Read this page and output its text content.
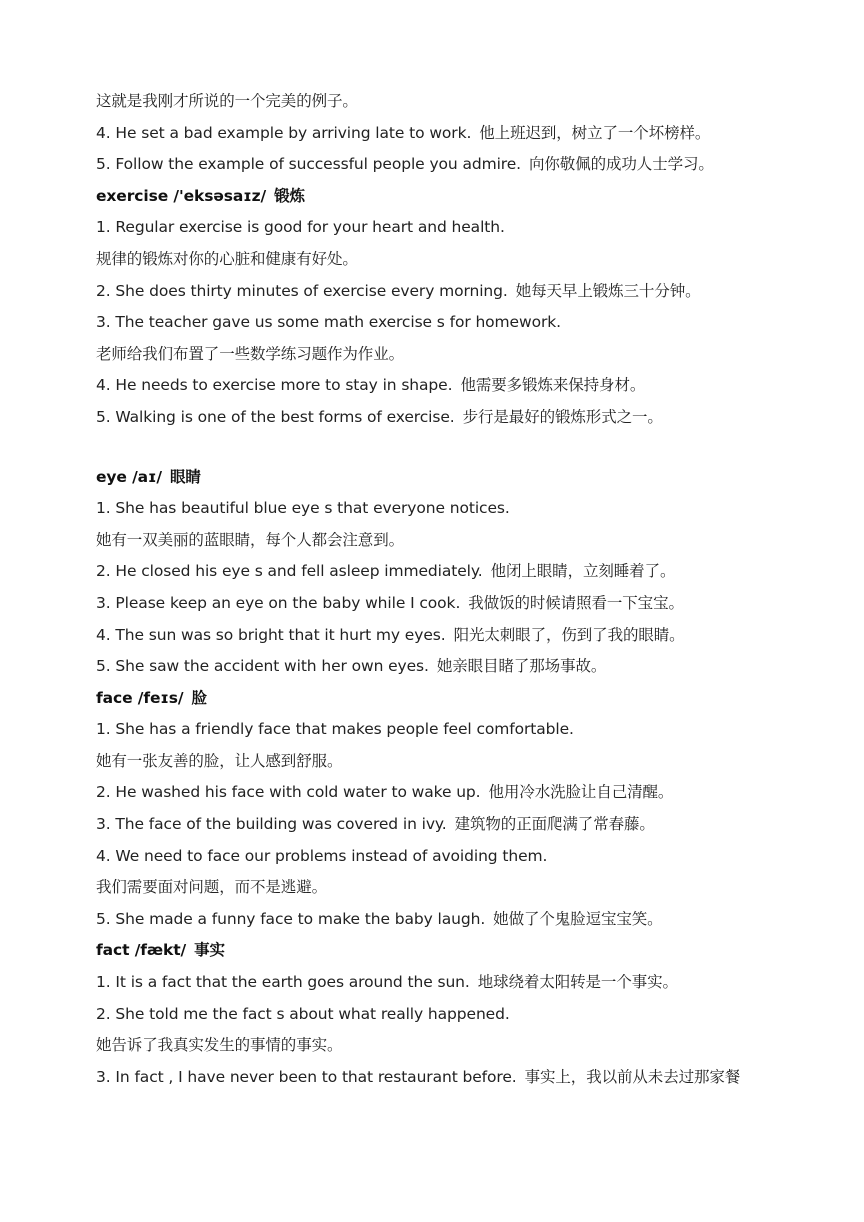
这就是我刚才所说的一个完美的例子。
4. He set a bad example by arriving late to work. 他上班迟到，树立了一个坏榜样。
5. Follow the example of successful people you admire. 向你敬佩的成功人士学习。
exercise /'eksəsaɪz/ 锻炼
1. Regular exercise is good for your heart and health.
规律的锻炼对你的心脏和健康有好处。
2. She does thirty minutes of exercise every morning. 她每天早上锻炼三十分钟。
3. The teacher gave us some math exercise s for homework.
老师给我们布置了一些数学练习题作为作业。
4. He needs to exercise more to stay in shape. 他需要多锻炼来保持身材。
5. Walking is one of the best forms of exercise. 步行是最好的锻炼形式之一。
eye /aɪ/ 眼睛
1. She has beautiful blue eye s that everyone notices.
她有一双美丽的蓝眼睛，每个人都会注意到。
2. He closed his eye s and fell asleep immediately. 他闭上眼睛，立刻睡着了。
3. Please keep an eye on the baby while I cook. 我做饭的时候请照看一下宝宝。
4. The sun was so bright that it hurt my eyes. 阳光太刺眼了，伤到了我的眼睛。
5. She saw the accident with her own eyes. 她亲眼目睹了那场事故。
face /feɪs/ 脸
1. She has a friendly face that makes people feel comfortable.
她有一张友善的脸，让人感到舒服。
2. He washed his face with cold water to wake up. 他用冷水洗脸让自己清醒。
3. The face of the building was covered in ivy. 建筑物的正面爬满了常春藤。
4. We need to face our problems instead of avoiding them.
我们需要面对问题，而不是逃避。
5. She made a funny face to make the baby laugh. 她做了个鬼脸逗宝宝笑。
fact /fækt/ 事实
1. It is a fact that the earth goes around the sun. 地球绕着太阳转是一个事实。
2. She told me the fact s about what really happened.
她告诉了我真实发生的事情的事实。
3. In fact , I have never been to that restaurant before. 事实上，我以前从未去过那家餐
